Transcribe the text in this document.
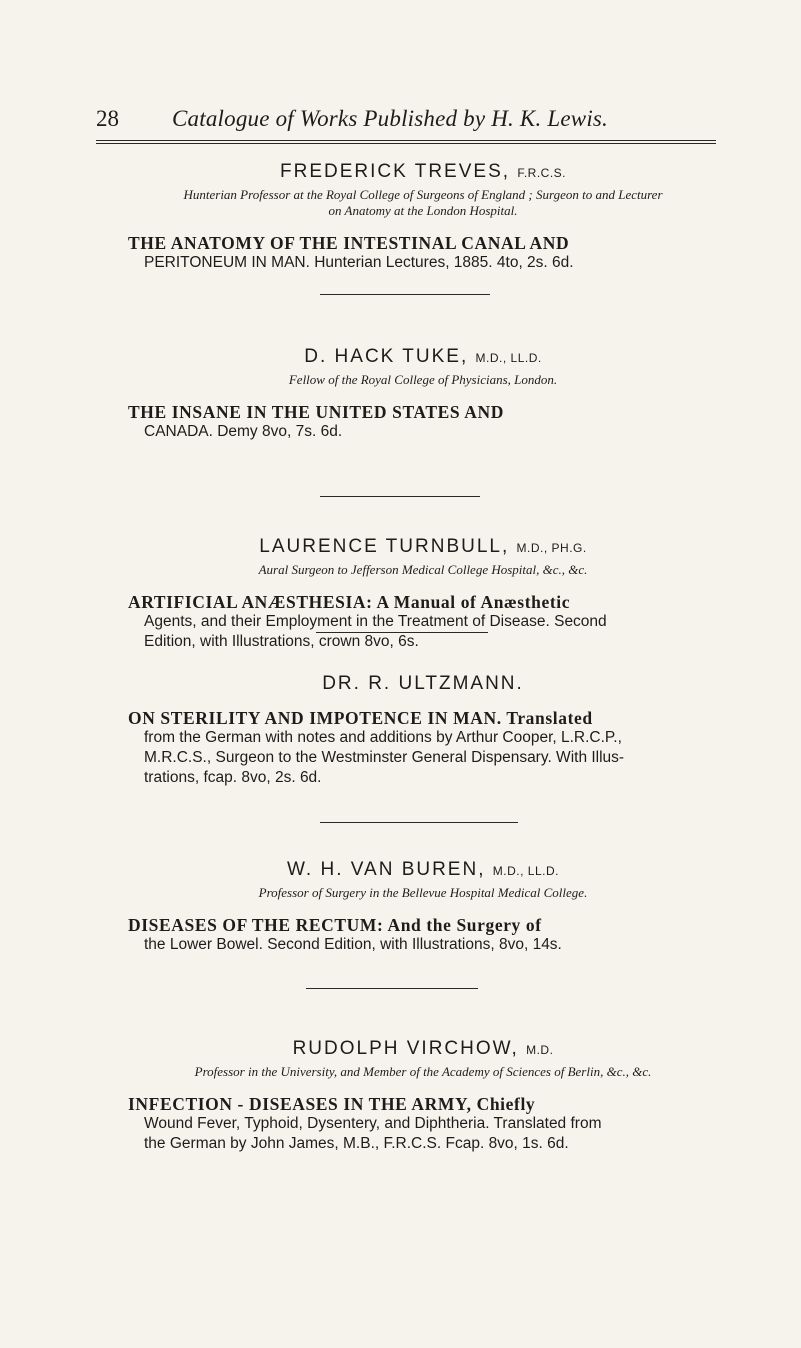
28 Catalogue of Works Published by H. K. Lewis.

FREDERICK TREVES, F.R.C.S.

Hunterian Professor at the Royal College of Surgeons of England ; Surgeon to and Lecturer
on Anatomy at the London Hospital.

THE ANATOMY OF THE INTESTINAL CANAL AND
PERITONEUM IN MAN. Hunterian Lectures, 1885. 4to, 2s. 6d.

D. HACK TUKE, M.D., LL.D.

Fellow of the Royal College of Physicians, London.

THE INSANE IN THE UNITED STATES AND
CANADA. Demy 8vo, 7s. 6d.

LAURENCE TURNBULL, M.D., PH.G.

Aural Surgeon to Jefferson Medical College Hospital, &c., &c.

ARTIFICIAL ANÆSTHESIA: A Manual of Anæsthetic
Agents, and their Employment in the Treatment of Disease. Second
Edition, with Illustrations, crown 8vo, 6s.

DR. R. ULTZMANN.

ON STERILITY AND IMPOTENCE IN MAN. Translated
from the German with notes and additions by Arthur Cooper, L.R.C.P.,
M.R.C.S., Surgeon to the Westminster General Dispensary. With Illus-
trations, fcap. 8vo, 2s. 6d.

W. H. VAN BUREN, M.D., LL.D.

Professor of Surgery in the Bellevue Hospital Medical College.

DISEASES OF THE RECTUM: And the Surgery of
the Lower Bowel. Second Edition, with Illustrations, 8vo, 14s.

RUDOLPH VIRCHOW, M.D.

Professor in the University, and Member of the Academy of Sciences of Berlin, &c., &c.

INFECTION - DISEASES IN THE ARMY, Chiefly
Wound Fever, Typhoid, Dysentery, and Diphtheria. Translated from
the German by John James, M.B., F.R.C.S. Fcap. 8vo, 1s. 6d.
